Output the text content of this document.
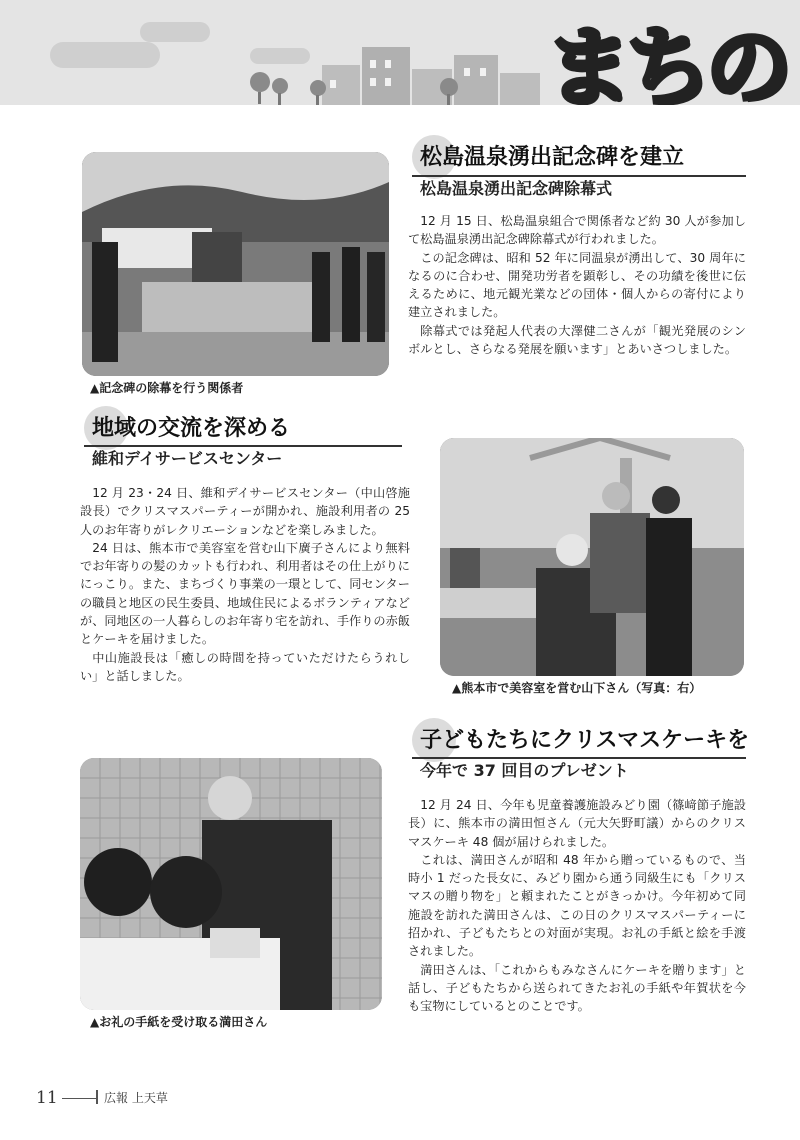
まちの
▲記念碑の除幕を行う関係者
松島温泉湧出記念碑を建立
松島温泉湧出記念碑除幕式

12 月 15 日、松島温泉組合で関係者など約 30 人が参加して松島温泉湧出記念碑除幕式が行われました。

この記念碑は、昭和 52 年に同温泉が湧出して、30 周年になるのに合わせ、開発功労者を顕彰し、その功績を後世に伝えるために、地元観光業などの団体・個人からの寄付により建立されました。

除幕式では発起人代表の大澤健二さんが「観光発展のシンボルとし、さらなる発展を願います」とあいさつしました。

地域の交流を深める
維和デイサービスセンター

12 月 23・24 日、維和デイサービスセンター（中山啓施設長）でクリスマスパーティーが開かれ、施設利用者の 25 人のお年寄りがレクリエーションなどを楽しみました。

24 日は、熊本市で美容室を営む山下廣子さんにより無料でお年寄りの髪のカットも行われ、利用者はその仕上がりににっこり。また、まちづくり事業の一環として、同センターの職員と地区の民生委員、地域住民によるボランティアなどが、同地区の一人暮らしのお年寄り宅を訪れ、手作りの赤飯とケーキを届けました。

中山施設長は「癒しの時間を持っていただけたらうれしい」と話しました。

▲熊本市で美容室を営む山下さん（写真：右）
子どもたちにクリスマスケーキを
今年で 37 回目のプレゼント

12 月 24 日、今年も児童養護施設みどり園（篠﨑節子施設長）に、熊本市の満田恒さん（元大矢野町議）からのクリスマスケーキ 48 個が届けられました。

これは、満田さんが昭和 48 年から贈っているもので、当時小 1 だった長女に、みどり園から通う同級生にも「クリスマスの贈り物を」と頼まれたことがきっかけ。今年初めて同施設を訪れた満田さんは、この日のクリスマスパーティーに招かれ、子どもたちとの対面が実現。お礼の手紙と絵を手渡されました。

満田さんは、「これからもみなさんにケーキを贈ります」と話し、子どもたちから送られてきたお礼の手紙や年賀状を今も宝物にしているとのことです。

▲お礼の手紙を受け取る満田さん
11	広報 上天草
